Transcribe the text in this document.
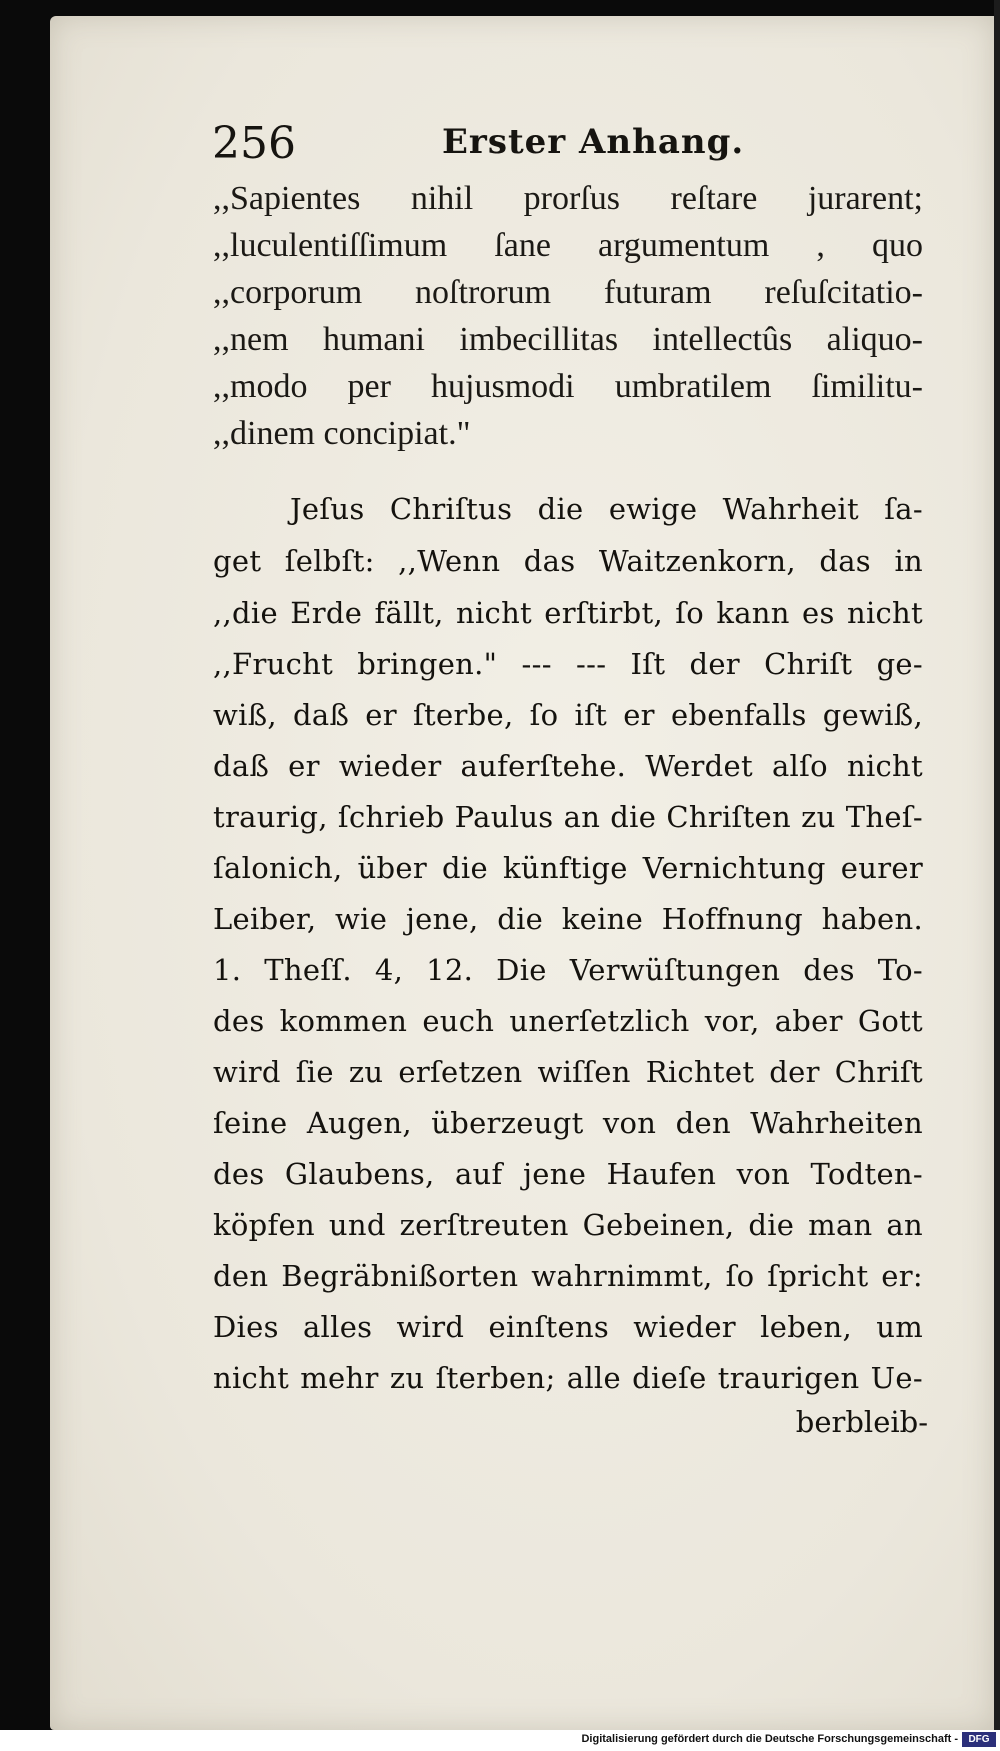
256	Erster Anhang.
,,Sapientes nihil prorſus reſtare jurarent;
,,luculentiſſimum ſane argumentum , quo
,,corporum noſtrorum futuram reſuſcitatio-
,,nem humani imbecillitas intellectûs aliquo-
,,modo per hujusmodi umbratilem ſimilitu-
,,dinem concipiat."
Jeſus Chriſtus die ewige Wahrheit ſa-
get ſelbſt: ,,Wenn das Waitzenkorn, das in
,,die Erde fällt, nicht erſtirbt, ſo kann es nicht
,,Frucht bringen." --- --- Iſt der Chriſt ge-
wiß, daß er ſterbe, ſo iſt er ebenfalls gewiß,
daß er wieder auferſtehe. Werdet alſo nicht
traurig, ſchrieb Paulus an die Chriſten zu Theſ-
ſalonich, über die künftige Vernichtung eurer
Leiber, wie jene, die keine Hoffnung haben.
1. Theſſ. 4, 12. Die Verwüſtungen des To-
des kommen euch unerſetzlich vor, aber Gott
wird ſie zu erſetzen wiſſen Richtet der Chriſt
ſeine Augen, überzeugt von den Wahrheiten
des Glaubens, auf jene Haufen von Todten-
köpfen und zerſtreuten Gebeinen, die man an
den Begräbnißorten wahrnimmt, ſo ſpricht er:
Dies alles wird einſtens wieder leben, um
nicht mehr zu ſterben; alle dieſe traurigen Ue-
berbleib-
Digitalisierung gefördert durch die Deutsche Forschungsgemeinschaft -	DFG
